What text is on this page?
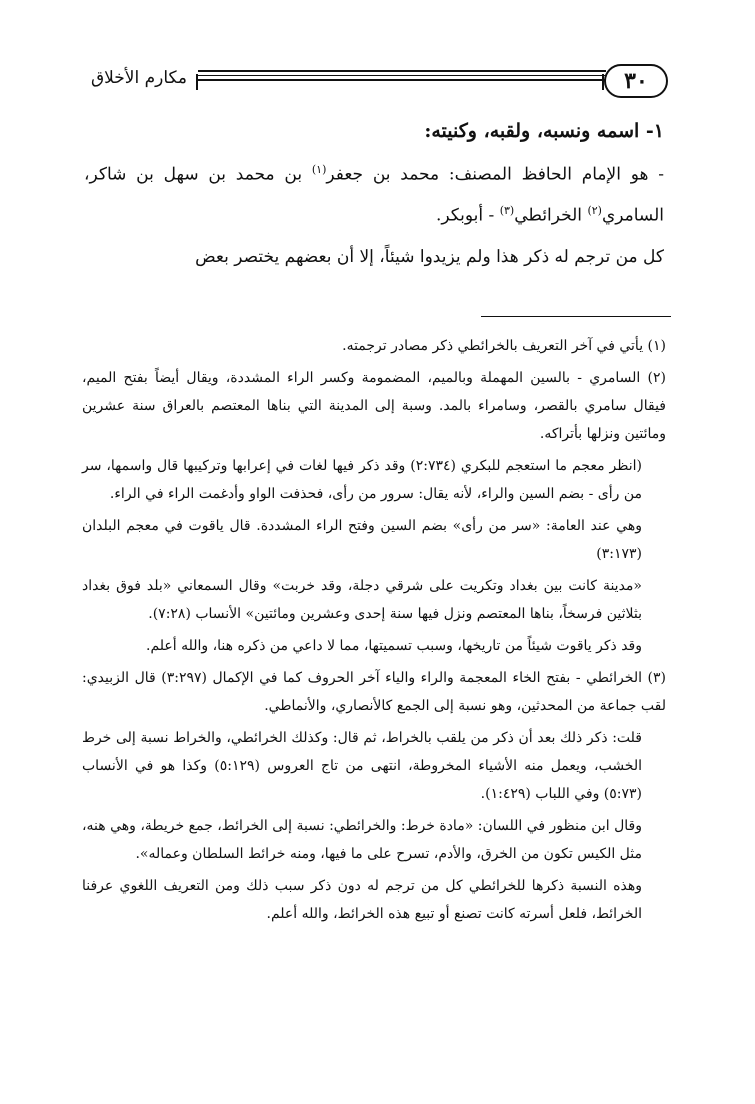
٣٠
مكارم الأخلاق

١- اسمه ونسبه، ولقبه، وكنيته:

- هو الإمام الحافظ المصنف: محمد بن جعفر$^{(١)}$ بن محمد بن سهل بن شاكر، السامري$^{(٢)}$ الخرائطي$^{(٣)}$ - أبوبكر.

كل من ترجم له ذكر هذا ولم يزيدوا شيئاً، إلا أن بعضهم يختصر بعض

(١) يأتي في آخر التعريف بالخرائطي ذكر مصادر ترجمته.

(٢) السامري - بالسين المهملة وبالميم، المضمومة وكسر الراء المشددة، ويقال أيضاً بفتح الميم، فيقال سامري بالقصر، وسامراء بالمد. وسبة إلى المدينة التي بناها المعتصم بالعراق سنة عشرين ومائتين ونزلها بأتراكه.

(انظر معجم ما استعجم للبكري (٢:٧٣٤) وقد ذكر فيها لغات في إعرابها وتركيبها قال واسمها، سر من رأى - بضم السين والراء، لأنه يقال: سرور من رأى، فحذفت الواو وأدغمت الراء في الراء.

وهي عند العامة: «سر من رأى» بضم السين وفتح الراء المشددة. قال ياقوت في معجم البلدان (٣:١٧٣)

«مدينة كانت بين بغداد وتكريت على شرقي دجلة، وقد خربت» وقال السمعاني «بلد فوق بغداد بثلاثين فرسخاً، بناها المعتصم ونزل فيها سنة إحدى وعشرين ومائتين» الأنساب (٧:٢٨).

وقد ذكر ياقوت شيئاً من تاريخها، وسبب تسميتها، مما لا داعي من ذكره هنا، والله أعلم.

(٣) الخرائطي - بفتح الخاء المعجمة والراء والياء آخر الحروف كما في الإكمال (٣:٢٩٧) قال الزبيدي: لقب جماعة من المحدثين، وهو نسبة إلى الجمع كالأنصاري، والأنماطي.

قلت: ذكر ذلك بعد أن ذكر من يلقب بالخراط، ثم قال: وكذلك الخرائطي، والخراط نسبة إلى خرط الخشب، ويعمل منه الأشياء المخروطة، انتهى من تاج العروس (٥:١٢٩) وكذا هو في الأنساب (٥:٧٣) وفي اللباب (١:٤٢٩).

وقال ابن منظور في اللسان: «مادة خرط: والخرائطي: نسبة إلى الخرائط، جمع خريطة، وهي هنه، مثل الكيس تكون من الخرق، والأدم، تسرح على ما فيها، ومنه خرائط السلطان وعماله».

وهذه النسبة ذكرها للخرائطي كل من ترجم له دون ذكر سبب ذلك ومن التعريف اللغوي عرفنا الخرائط، فلعل أسرته كانت تصنع أو تبيع هذه الخرائط، والله أعلم.
